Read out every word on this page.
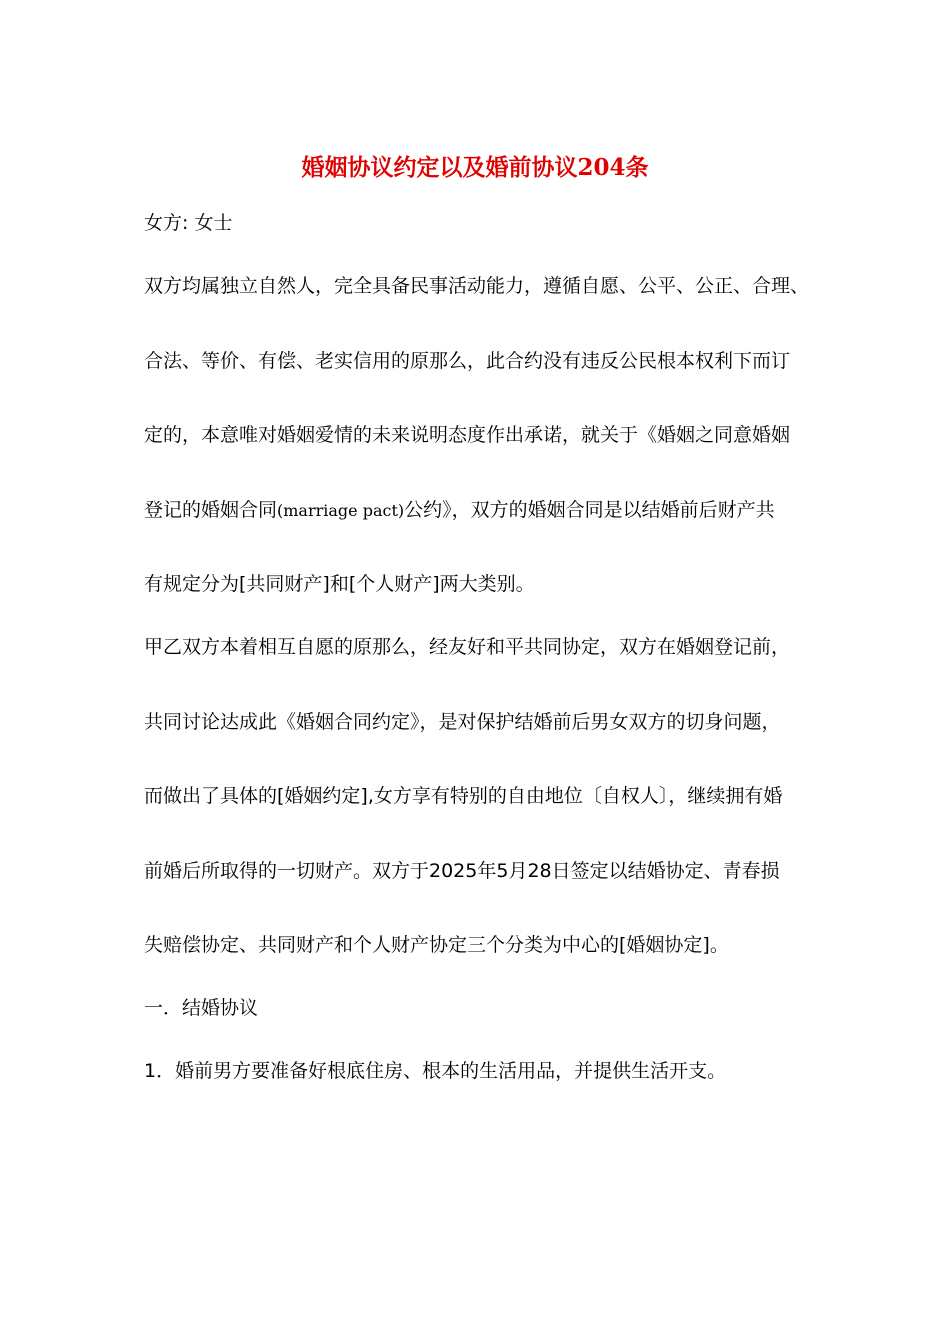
婚姻协议约定以及婚前协议204条
女方: 女士
双方均属独立自然人，完全具备民事活动能力，遵循自愿、公平、公正、合理、
合法、等价、有偿、老实信用的原那么，此合约没有违反公民根本权利下而订
定的，本意唯对婚姻爱情的未来说明态度作出承诺，就关于《婚姻之同意婚姻
登记的婚姻合同(marriage pact)公约》，双方的婚姻合同是以结婚前后财产共
有规定分为[共同财产]和[个人财产]两大类别。
甲乙双方本着相互自愿的原那么，经友好和平共同协定，双方在婚姻登记前，
共同讨论达成此《婚姻合同约定》，是对保护结婚前后男女双方的切身问题，
而做出了具体的[婚姻约定],女方享有特别的自由地位〔自权人〕，继续拥有婚
前婚后所取得的一切财产。双方于2025年5月28日签定以结婚协定、青春损
失赔偿协定、共同财产和个人财产协定三个分类为中心的[婚姻协定]。
一．结婚协议
1．婚前男方要准备好根底住房、根本的生活用品，并提供生活开支。
